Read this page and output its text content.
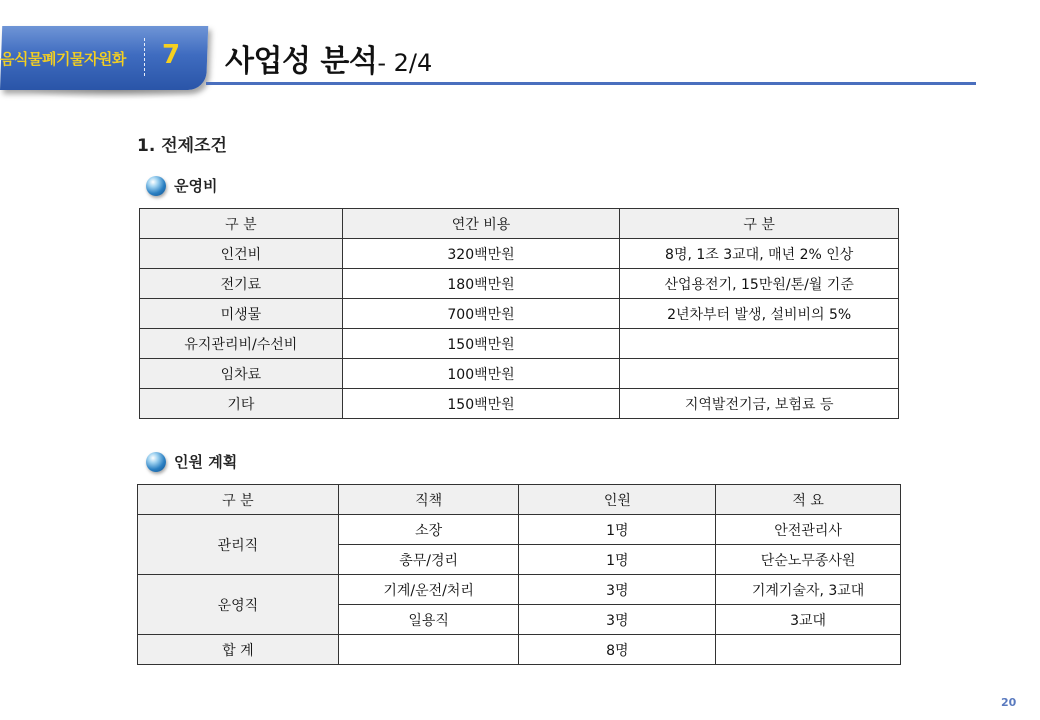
음식물폐기물자원화 7 사업성 분석- 2/4
1. 전제조건
운영비
구 분	연간 비용	구 분
인건비	320백만원	8명, 1조 3교대, 매년 2% 인상
전기료	180백만원	산업용전기, 15만원/톤/월 기준
미생물	700백만원	2년차부터 발생, 설비비의 5%
유지관리비/수선비	150백만원	
임차료	100백만원	
기타	150백만원	지역발전기금, 보험료 등
인원 계획
구 분	직책	인원	적 요
관리직	소장	1명	안전관리사
	총무/경리	1명	단순노무종사원
운영직	기계/운전/처리	3명	기계기술자, 3교대
	일용직	3명	3교대
합 계		8명	
20
